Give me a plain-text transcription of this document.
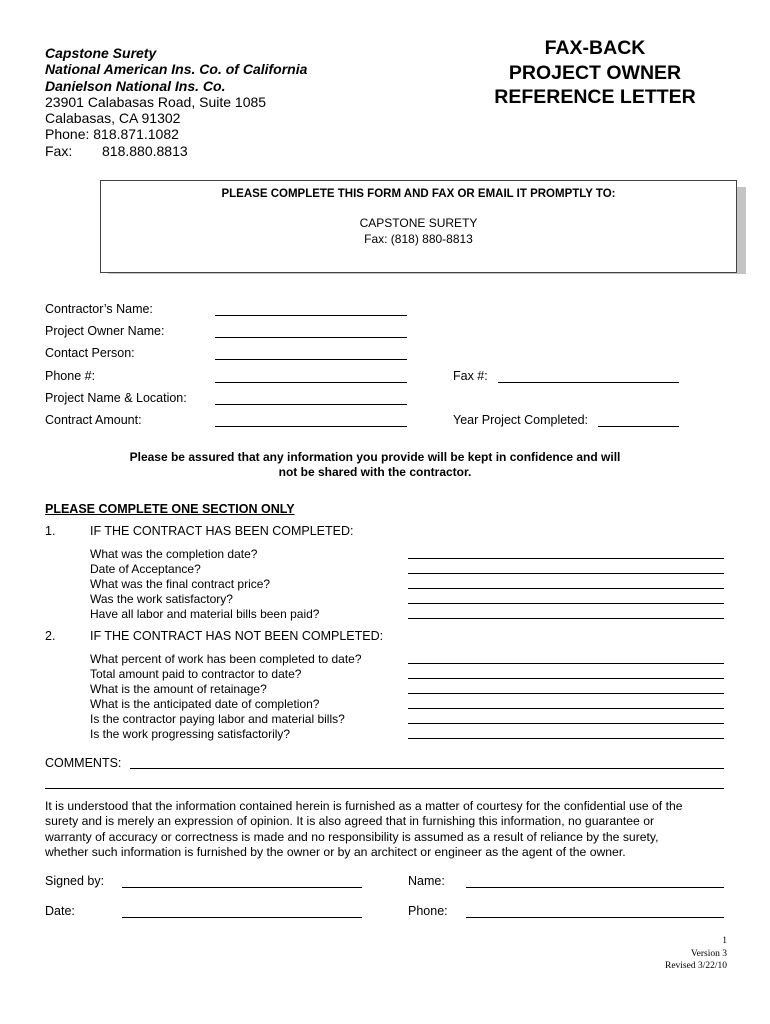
Capstone Surety
National American Ins. Co. of California
Danielson National Ins. Co.
23901 Calabasas Road, Suite 1085
Calabasas, CA 91302
Phone: 818.871.1082
Fax:	818.880.8813
FAX-BACK
PROJECT OWNER
REFERENCE LETTER
PLEASE COMPLETE THIS FORM AND FAX OR EMAIL IT PROMPTLY TO:
CAPSTONE SURETY
Fax: (818) 880-8813
Contractor’s Name:
Project Owner Name:
Contact Person:
Phone #:	Fax #:
Project Name & Location:
Contract Amount:	Year Project Completed:
Please be assured that any information you provide will be kept in confidence and will
not be shared with the contractor.
PLEASE COMPLETE ONE SECTION ONLY
1.	IF THE CONTRACT HAS BEEN COMPLETED:
What was the completion date?
Date of Acceptance?
What was the final contract price?
Was the work satisfactory?
Have all labor and material bills been paid?
2.	IF THE CONTRACT HAS NOT BEEN COMPLETED:
What percent of work has been completed to date?
Total amount paid to contractor to date?
What is the amount of retainage?
What is the anticipated date of completion?
Is the contractor paying labor and material bills?
Is the work progressing satisfactorily?
COMMENTS:
It is understood that the information contained herein is furnished as a matter of courtesy for the confidential use of the
surety and is merely an expression of opinion. It is also agreed that in furnishing this information, no guarantee or
warranty of accuracy or correctness is made and no responsibility is assumed as a result of reliance by the surety,
whether such information is furnished by the owner or by an architect or engineer as the agent of the owner.
Signed by:	Name:
Date:	Phone:
1
Version 3
Revised 3/22/10
